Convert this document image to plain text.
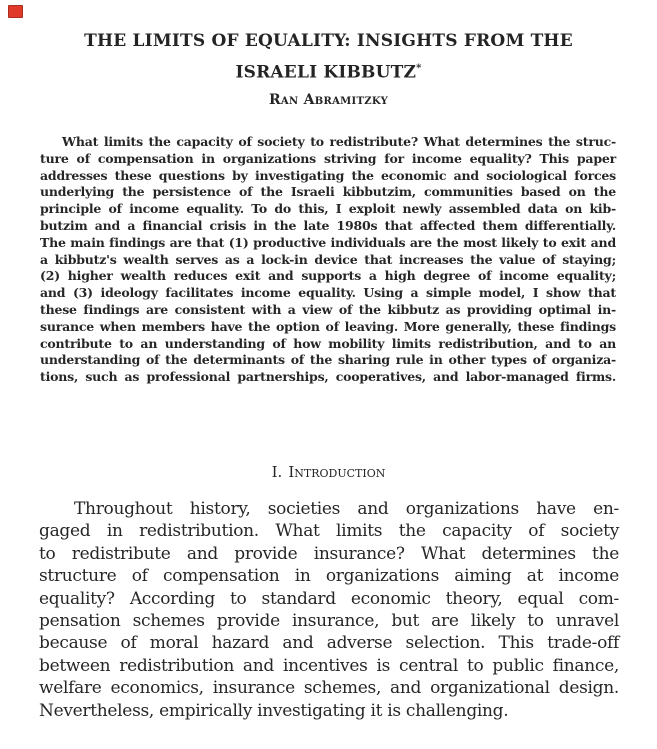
THE LIMITS OF EQUALITY: INSIGHTS FROM THE
ISRAELI KIBBUTZ*
Ran Abramitzky
What limits the capacity of society to redistribute? What determines the struc-
ture of compensation in organizations striving for income equality? This paper
addresses these questions by investigating the economic and sociological forces
underlying the persistence of the Israeli kibbutzim, communities based on the
principle of income equality. To do this, I exploit newly assembled data on kib-
butzim and a financial crisis in the late 1980s that affected them differentially.
The main findings are that (1) productive individuals are the most likely to exit and
a kibbutz's wealth serves as a lock-in device that increases the value of staying;
(2) higher wealth reduces exit and supports a high degree of income equality;
and (3) ideology facilitates income equality. Using a simple model, I show that
these findings are consistent with a view of the kibbutz as providing optimal in-
surance when members have the option of leaving. More generally, these findings
contribute to an understanding of how mobility limits redistribution, and to an
understanding of the determinants of the sharing rule in other types of organiza-
tions, such as professional partnerships, cooperatives, and labor-managed firms.
I. Introduction
Throughout history, societies and organizations have en-
gaged in redistribution. What limits the capacity of society
to redistribute and provide insurance? What determines the
structure of compensation in organizations aiming at income
equality? According to standard economic theory, equal com-
pensation schemes provide insurance, but are likely to unravel
because of moral hazard and adverse selection. This trade-off
between redistribution and incentives is central to public finance,
welfare economics, insurance schemes, and organizational design.
Nevertheless, empirically investigating it is challenging.
